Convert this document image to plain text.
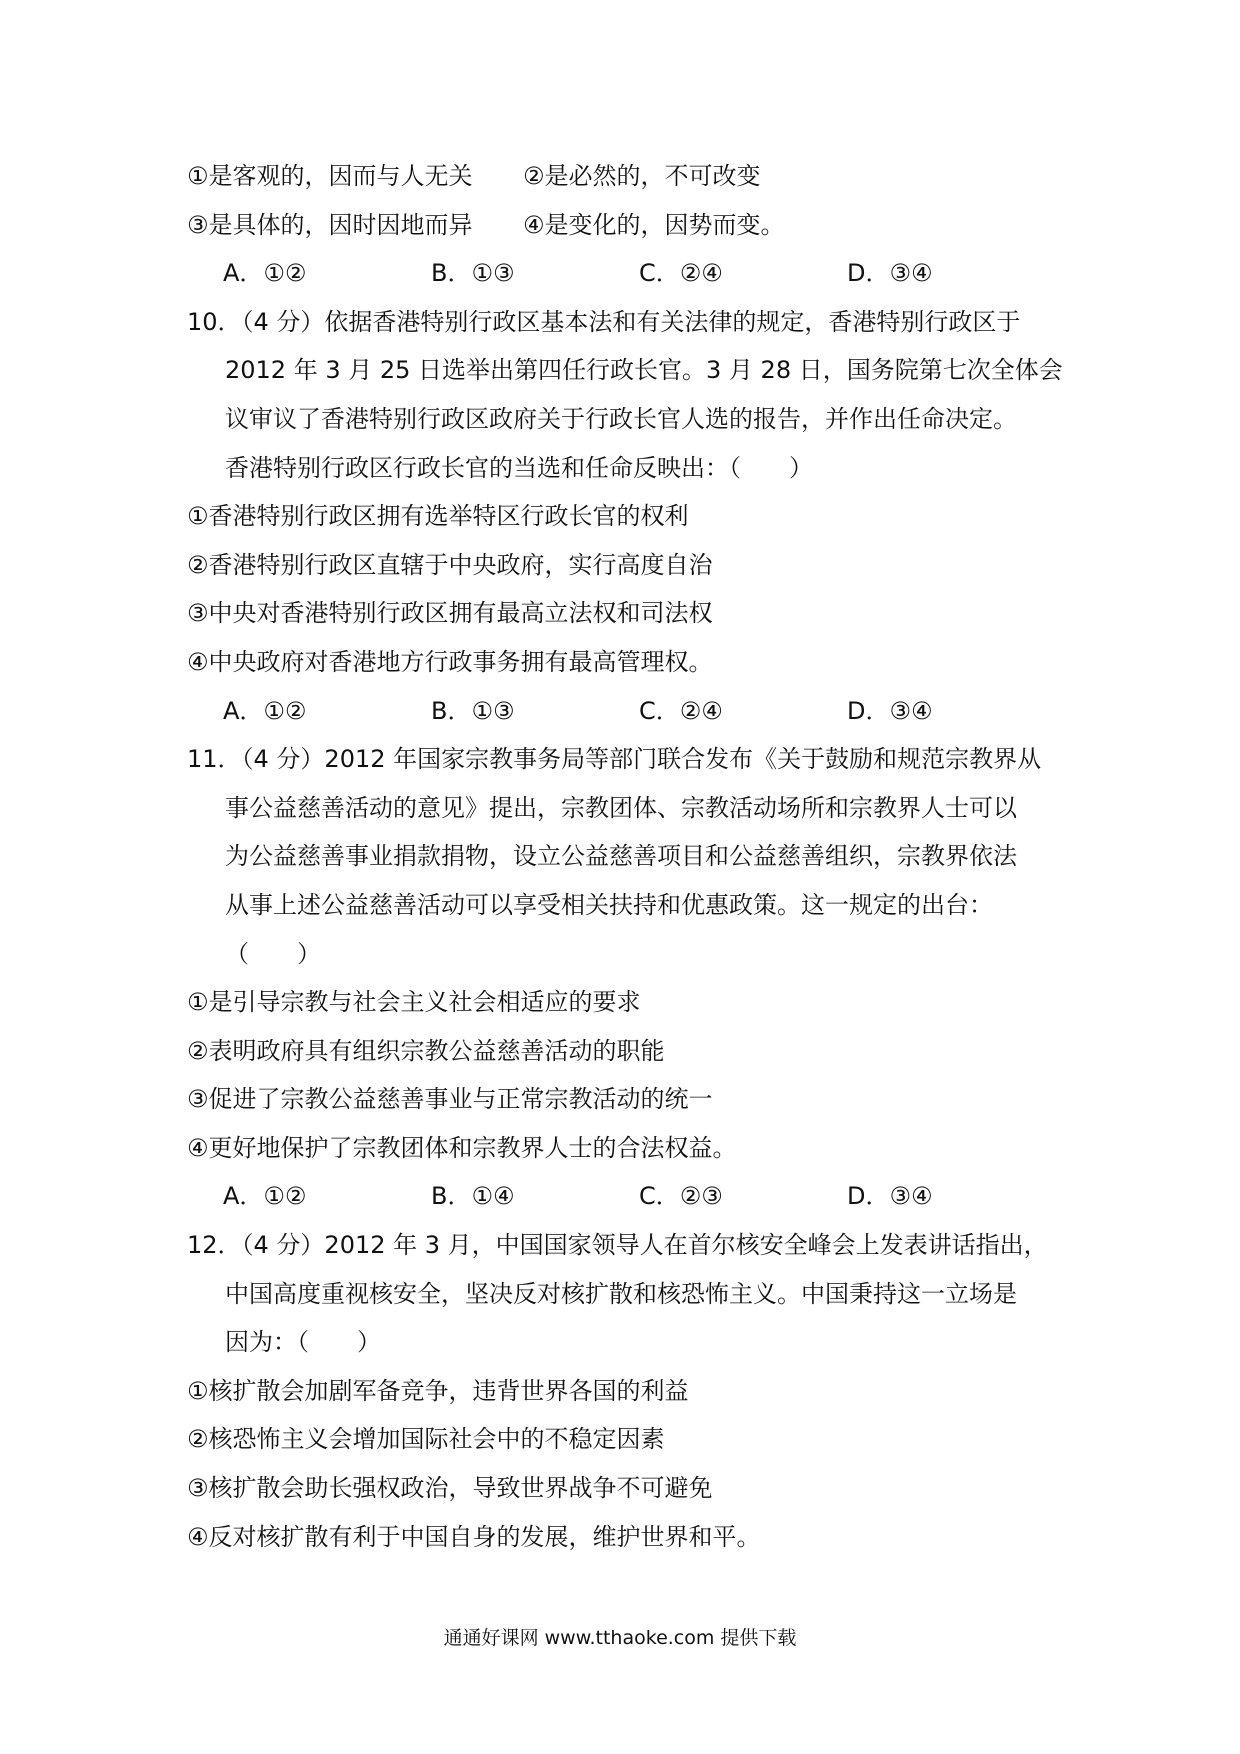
①是客观的，因而与人无关	②是必然的，不可改变
③是具体的，因时因地而异	④是变化的，因势而变。
A．①②	B．①③	C．②④	D．③④
10．（4 分）依据香港特别行政区基本法和有关法律的规定，香港特别行政区于
2012 年 3 月 25 日选举出第四任行政长官。3 月 28 日，国务院第七次全体会
议审议了香港特别行政区政府关于行政长官人选的报告，并作出任命决定。
香港特别行政区行政长官的当选和任命反映出：（　　）
①香港特别行政区拥有选举特区行政长官的权利
②香港特别行政区直辖于中央政府，实行高度自治
③中央对香港特别行政区拥有最高立法权和司法权
④中央政府对香港地方行政事务拥有最高管理权。
A．①②	B．①③	C．②④	D．③④
11．（4 分）2012 年国家宗教事务局等部门联合发布《关于鼓励和规范宗教界从
事公益慈善活动的意见》提出，宗教团体、宗教活动场所和宗教界人士可以
为公益慈善事业捐款捐物，设立公益慈善项目和公益慈善组织，宗教界依法
从事上述公益慈善活动可以享受相关扶持和优惠政策。这一规定的出台：
（　　）
①是引导宗教与社会主义社会相适应的要求
②表明政府具有组织宗教公益慈善活动的职能
③促进了宗教公益慈善事业与正常宗教活动的统一
④更好地保护了宗教团体和宗教界人士的合法权益。
A．①②	B．①④	C．②③	D．③④
12．（4 分）2012 年 3 月，中国国家领导人在首尔核安全峰会上发表讲话指出，
中国高度重视核安全，坚决反对核扩散和核恐怖主义。中国秉持这一立场是
因为：（　　）
①核扩散会加剧军备竞争，违背世界各国的利益
②核恐怖主义会增加国际社会中的不稳定因素
③核扩散会助长强权政治，导致世界战争不可避免
④反对核扩散有利于中国自身的发展，维护世界和平。
通通好课网 www.tthaoke.com 提供下载
